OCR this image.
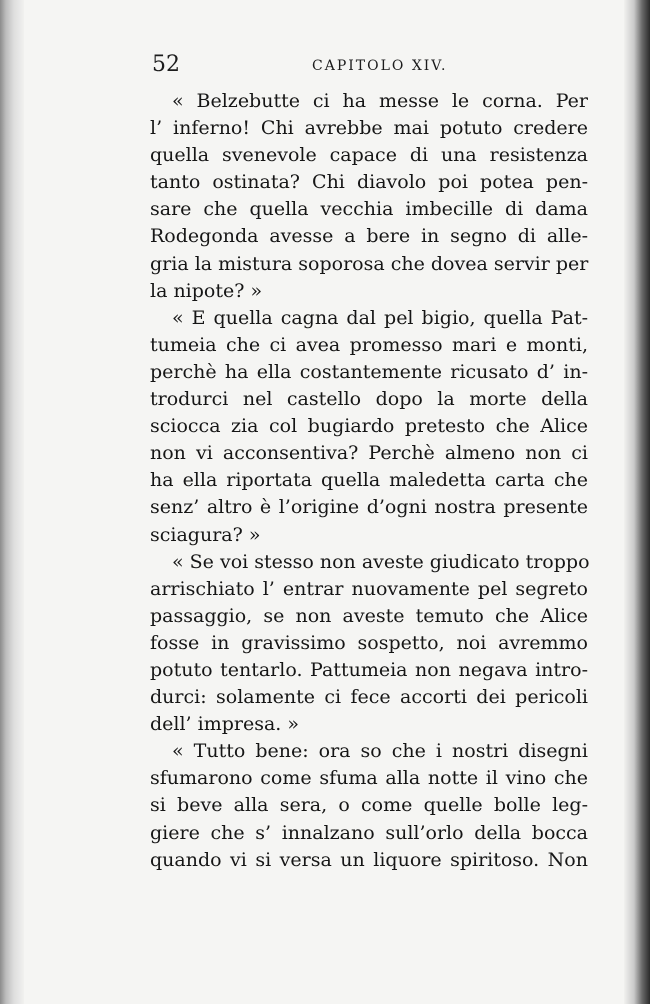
52	CAPITOLO XIV.
« Belzebutte ci ha messe le corna. Per
l’ inferno! Chi avrebbe mai potuto credere
quella svenevole capace di una resistenza
tanto ostinata? Chi diavolo poi potea pen-
sare che quella vecchia imbecille di dama
Rodegonda avesse a bere in segno di alle-
gria la mistura soporosa che dovea servir per
la nipote? »
« E quella cagna dal pel bigio, quella Pat-
tumeia che ci avea promesso mari e monti,
perchè ha ella costantemente ricusato d’ in-
trodurci nel castello dopo la morte della
sciocca zia col bugiardo pretesto che Alice
non vi acconsentiva? Perchè almeno non ci
ha ella riportata quella maledetta carta che
senz’ altro è l’origine d’ogni nostra presente
sciagura? »
« Se voi stesso non aveste giudicato troppo
arrischiato l’ entrar nuovamente pel segreto
passaggio, se non aveste temuto che Alice
fosse in gravissimo sospetto, noi avremmo
potuto tentarlo. Pattumeia non negava intro-
durci: solamente ci fece accorti dei pericoli
dell’ impresa. »
« Tutto bene: ora so che i nostri disegni
sfumarono come sfuma alla notte il vino che
si beve alla sera, o come quelle bolle leg-
giere che s’ innalzano sull’orlo della bocca
quando vi si versa un liquore spiritoso. Non
